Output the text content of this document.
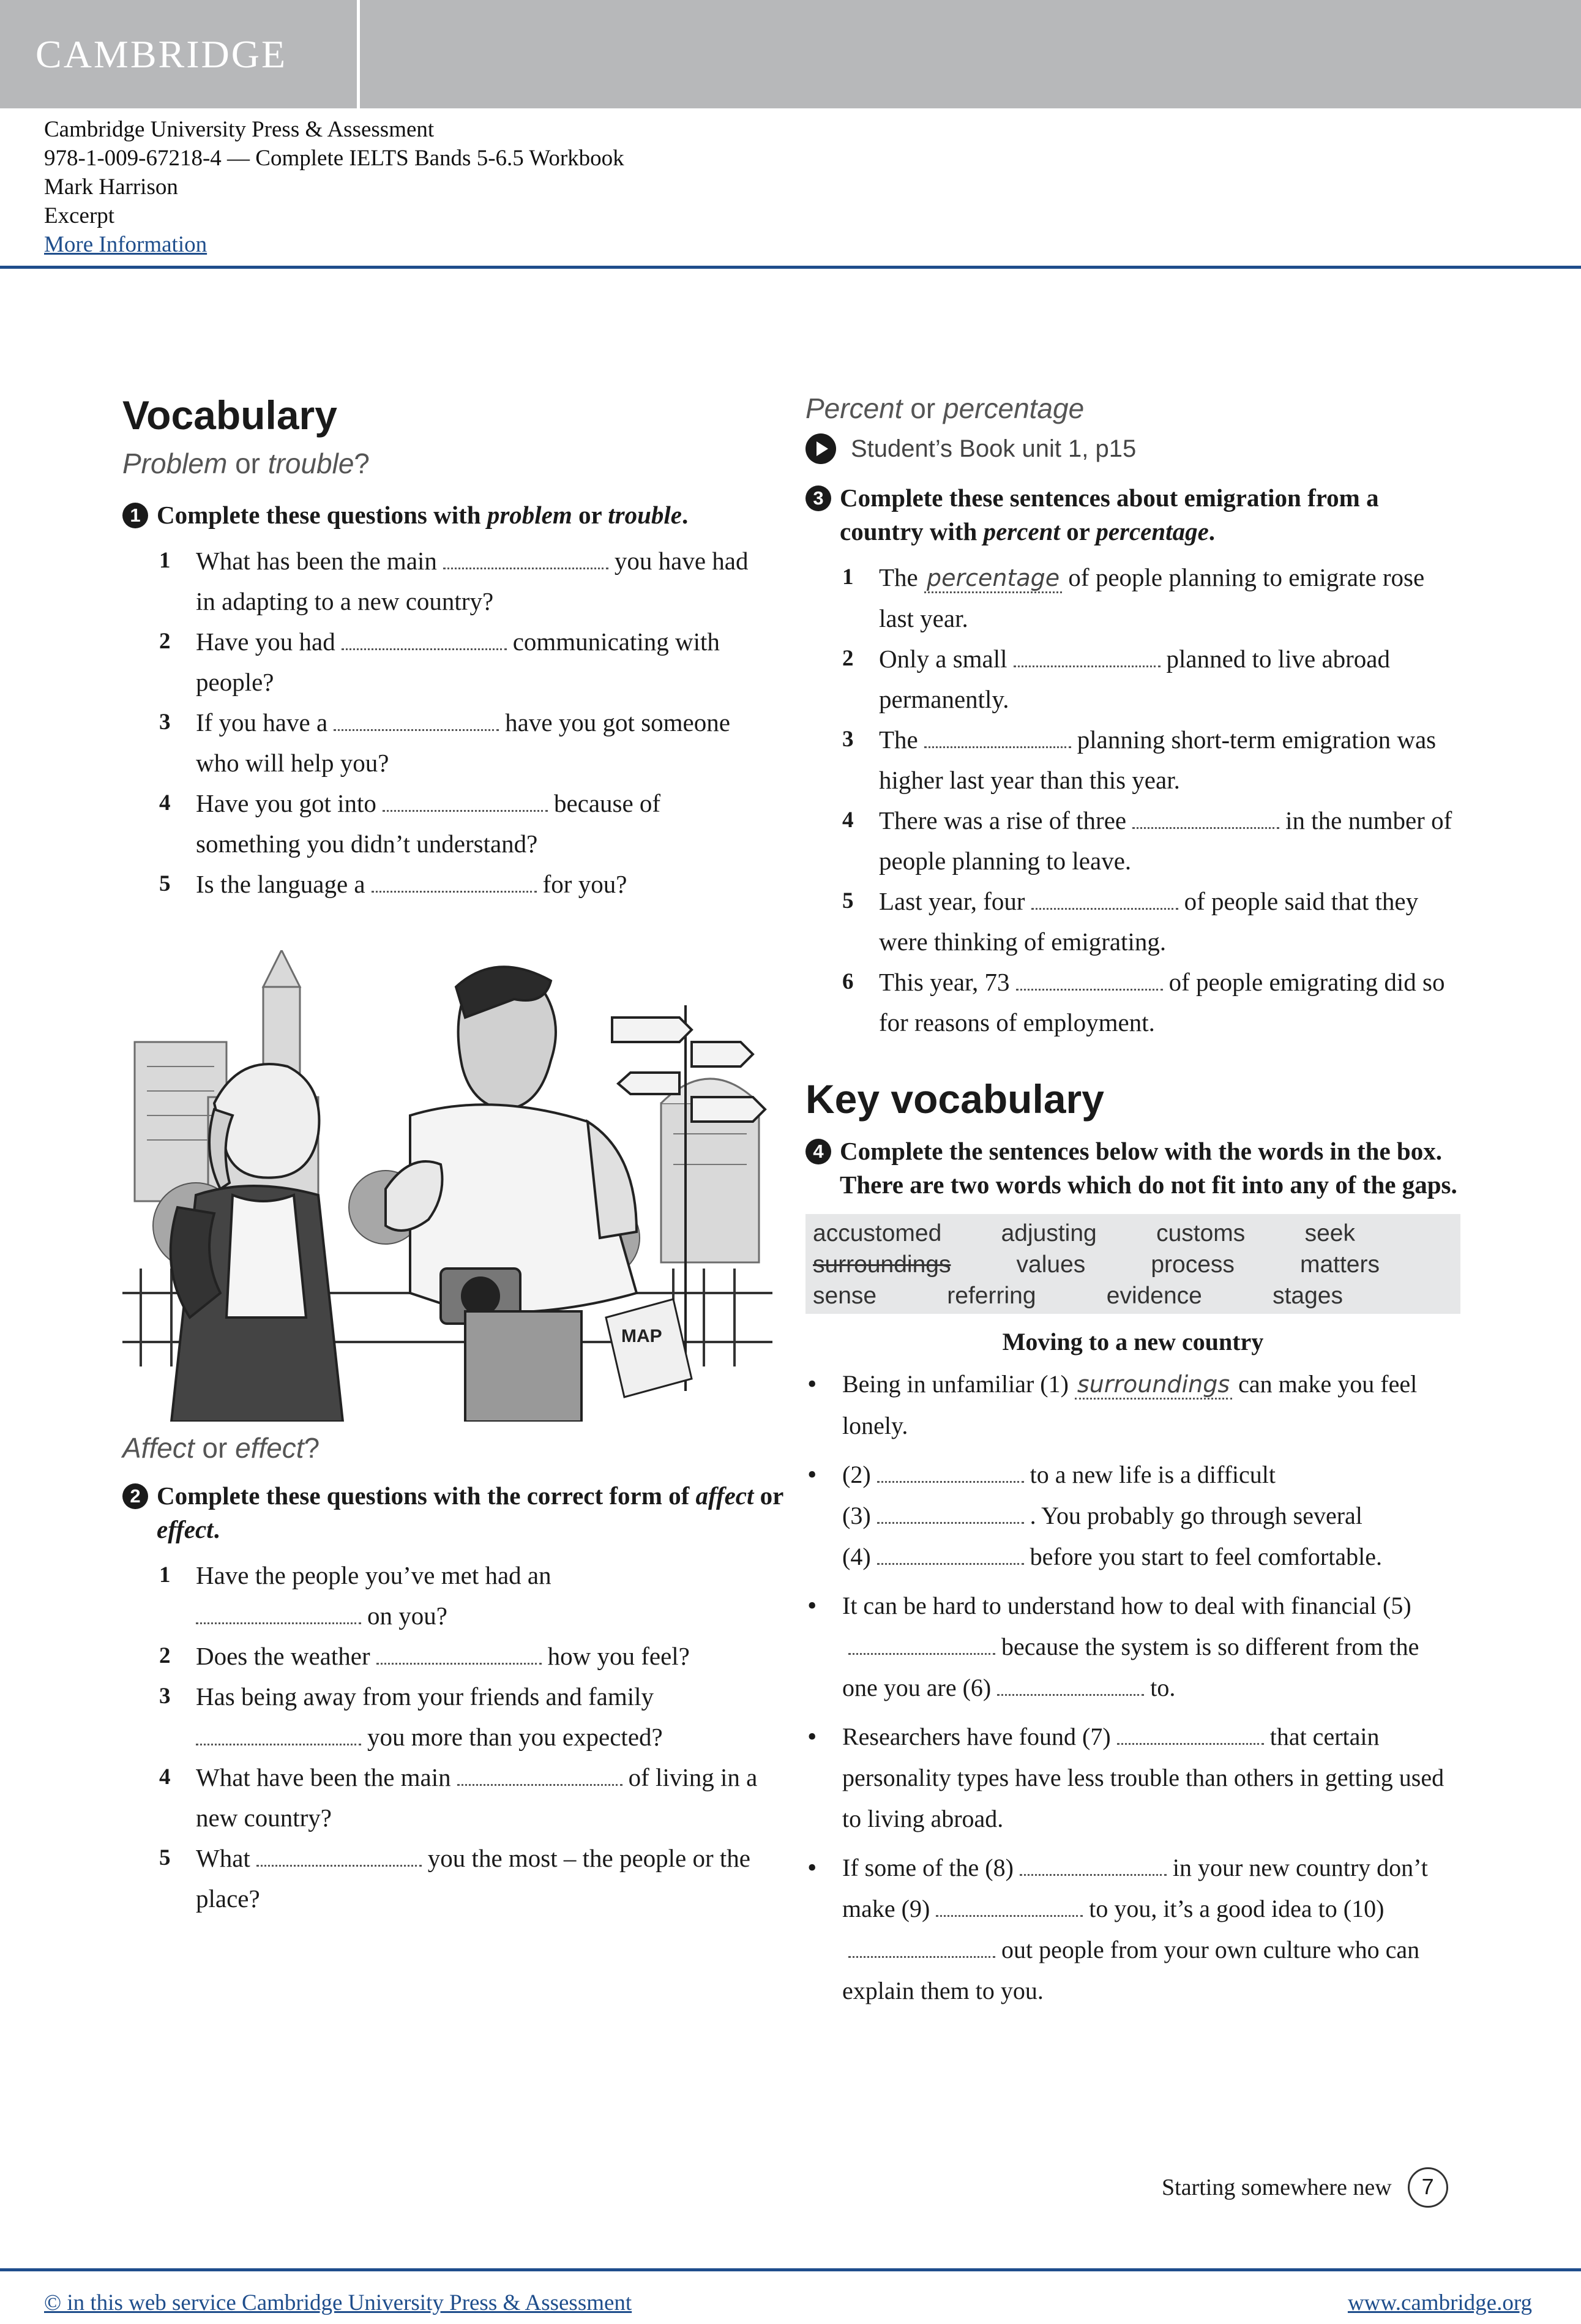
CAMBRIDGE
Cambridge University Press & Assessment
978-1-009-67218-4 — Complete IELTS Bands 5-6.5 Workbook
Mark Harrison
Excerpt
More Information
Vocabulary
Problem or trouble?
1 Complete these questions with problem or trouble.
1 What has been the main	you have had in adapting to a new country?
2 Have you had	communicating with people?
3 If you have a	have you got someone who will help you?
4 Have you got into	because of something you didn’t understand?
5 Is the language a	for you?
MAP
Affect or effect?
2 Complete these questions with the correct form of affect or effect.
1 Have the people you’ve met had an
on you?
2 Does the weather	how you feel?
3 Has being away from your friends and family
you more than you expected?
4 What have been the main	of living in a new country?
5 What	you the most – the people or the place?
Percent or percentage
Student’s Book unit 1, p15
3 Complete these sentences about emigration from a country with percent or percentage.
1 The percentage of people planning to emigrate rose last year.
2 Only a small	planned to live abroad permanently.
3 The	planning short-term emigration was higher last year than this year.
4 There was a rise of three	in the number of people planning to leave.
5 Last year, four	of people said that they were thinking of emigrating.
6 This year, 73	of people emigrating did so for reasons of employment.
Key vocabulary
4 Complete the sentences below with the words in the box. There are two words which do not fit into any of the gaps.
accustomed adjusting customs seek
surroundings	values	process	matters
sense	referring	evidence	stages
Moving to a new country
• Being in unfamiliar (1) surroundings can make you feel lonely.
• (2)	to a new life is a difficult
(3)	. You probably go through several
(4)	before you start to feel comfortable.
• It can be hard to understand how to deal with financial (5)because the system is so different from the one you are (6)	to.
• Researchers have found (7)	that certain personality types have less trouble than others in getting used to living abroad.
• If some of the (8)	in your new country don’t make (9)	to you, it’s a good idea to (10)out people from your own culture who can explain them to you.
Starting somewhere new	7
© in this web service Cambridge University Press & Assessment	www.cambridge.org
